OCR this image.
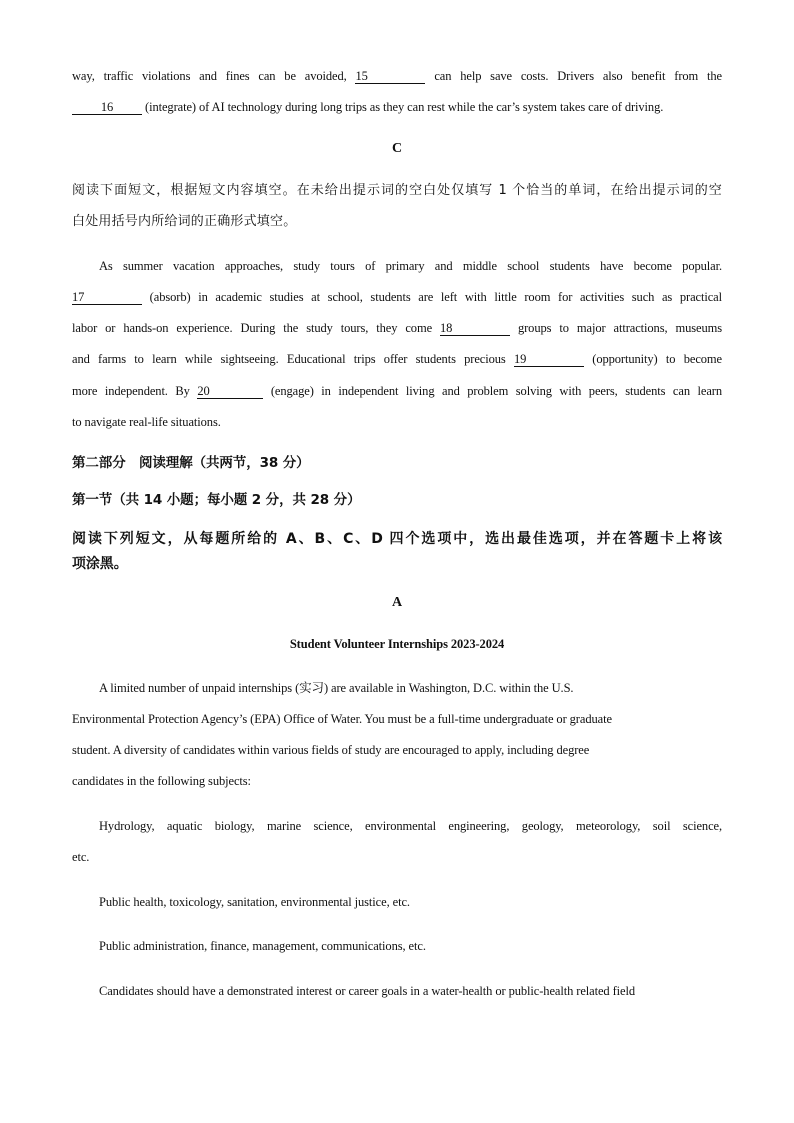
way, traffic violations and fines can be avoided, 15	can help save costs. Drivers also benefit from the
16 (integrate) of AI technology during long trips as they can rest while the car’s system takes care of driving.
C
阅读下面短文，根据短文内容填空。在未给出提示词的空白处仅填写 1 个恰当的单词，在给出提示词的空
白处用括号内所给词的正确形式填空。
As summer vacation approaches, study tours of primary and middle school students have become popular.
17	(absorb) in academic studies at school, students are left with little room for activities such as practical
labor or hands-on experience. During the study tours, they come 18	groups to major attractions, museums
and farms to learn while sightseeing. Educational trips offer students precious 19	(opportunity) to become
more independent. By 20	(engage) in independent living and problem solving with peers, students can learn
to navigate real-life situations.
第二部分　阅读理解（共两节，38 分）
第一节（共 14 小题；每小题 2 分，共 28 分）
阅读下列短文，从每题所给的 A、B、C、D 四个选项中，选出最佳选项，并在答题卡上将该
项涂黑。
A
Student Volunteer Internships 2023-2024
A limited number of unpaid internships (实习) are available in Washington, D.C. within the U.S.
Environmental Protection Agency’s (EPA) Office of Water. You must be a full-time undergraduate or graduate
student. A diversity of candidates within various fields of study are encouraged to apply, including degree
candidates in the following subjects:
Hydrology, aquatic biology, marine science, environmental engineering, geology, meteorology, soil science,
etc.
Public health, toxicology, sanitation, environmental justice, etc.
Public administration, finance, management, communications, etc.
Candidates should have a demonstrated interest or career goals in a water-health or public-health related field
